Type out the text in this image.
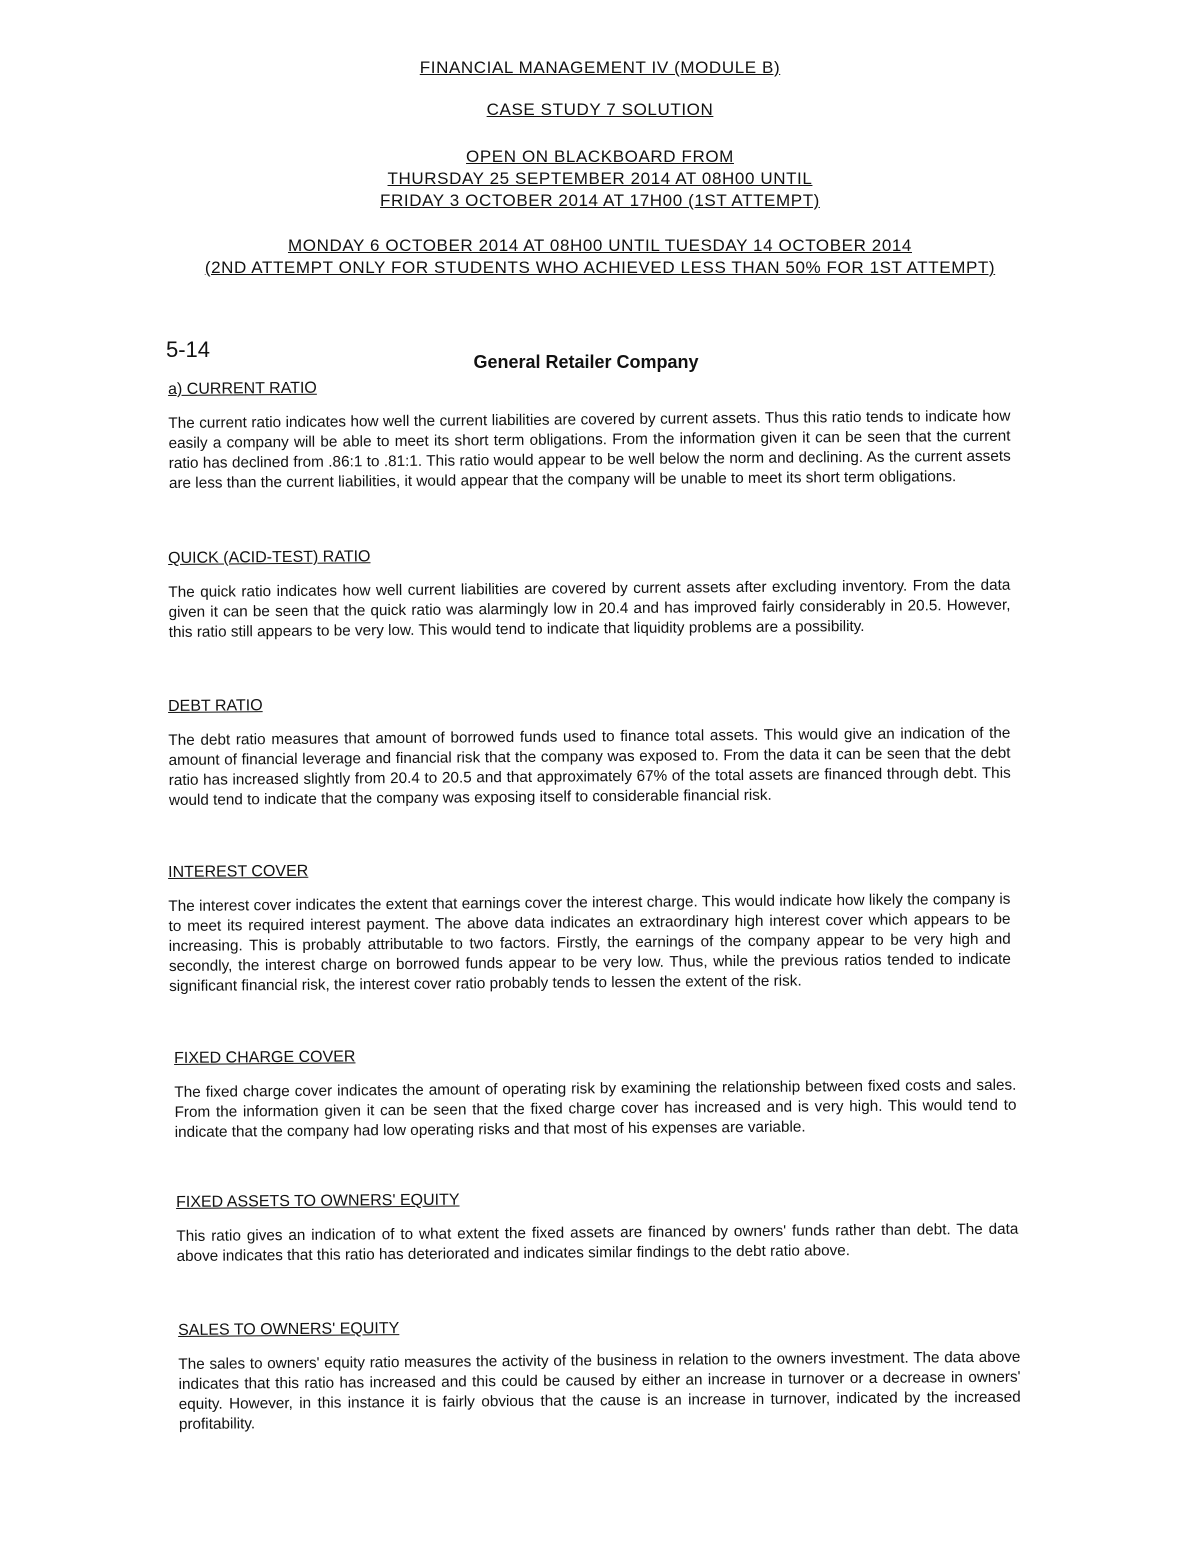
FINANCIAL MANAGEMENT IV (MODULE B)
CASE STUDY 7 SOLUTION
OPEN ON BLACKBOARD FROM
THURSDAY 25 SEPTEMBER 2014 AT 08H00 UNTIL
FRIDAY 3 OCTOBER 2014 AT 17H00 (1ST ATTEMPT)
MONDAY 6 OCTOBER 2014 AT 08H00 UNTIL TUESDAY 14 OCTOBER 2014
(2ND ATTEMPT ONLY FOR STUDENTS WHO ACHIEVED LESS THAN 50% FOR 1ST ATTEMPT)
5-14	General Retailer Company
a) CURRENT RATIO

The current ratio indicates how well the current liabilities are covered by current assets. Thus this ratio tends to indicate how easily a company will be able to meet its short term obligations. From the information given it can be seen that the current ratio has declined from .86:1 to .81:1. This ratio would appear to be well below the norm and declining. As the current assets are less than the current liabilities, it would appear that the company will be unable to meet its short term obligations.

QUICK (ACID-TEST) RATIO

The quick ratio indicates how well current liabilities are covered by current assets after excluding inventory. From the data given it can be seen that the quick ratio was alarmingly low in 20.4 and has improved fairly considerably in 20.5. However, this ratio still appears to be very low. This would tend to indicate that liquidity problems are a possibility.

DEBT RATIO

The debt ratio measures that amount of borrowed funds used to finance total assets. This would give an indication of the amount of financial leverage and financial risk that the company was exposed to. From the data it can be seen that the debt ratio has increased slightly from 20.4 to 20.5 and that approximately 67% of the total assets are financed through debt. This would tend to indicate that the company was exposing itself to considerable financial risk.

INTEREST COVER

The interest cover indicates the extent that earnings cover the interest charge. This would indicate how likely the company is to meet its required interest payment. The above data indicates an extraordinary high interest cover which appears to be increasing. This is probably attributable to two factors. Firstly, the earnings of the company appear to be very high and secondly, the interest charge on borrowed funds appear to be very low. Thus, while the previous ratios tended to indicate significant financial risk, the interest cover ratio probably tends to lessen the extent of the risk.

FIXED CHARGE COVER

The fixed charge cover indicates the amount of operating risk by examining the relationship between fixed costs and sales. From the information given it can be seen that the fixed charge cover has increased and is very high. This would tend to indicate that the company had low operating risks and that most of his expenses are variable.

FIXED ASSETS TO OWNERS' EQUITY

This ratio gives an indication of to what extent the fixed assets are financed by owners' funds rather than debt. The data above indicates that this ratio has deteriorated and indicates similar findings to the debt ratio above.

SALES TO OWNERS' EQUITY

The sales to owners' equity ratio measures the activity of the business in relation to the owners investment. The data above indicates that this ratio has increased and this could be caused by either an increase in turnover or a decrease in owners' equity. However, in this instance it is fairly obvious that the cause is an increase in turnover, indicated by the increased profitability.
